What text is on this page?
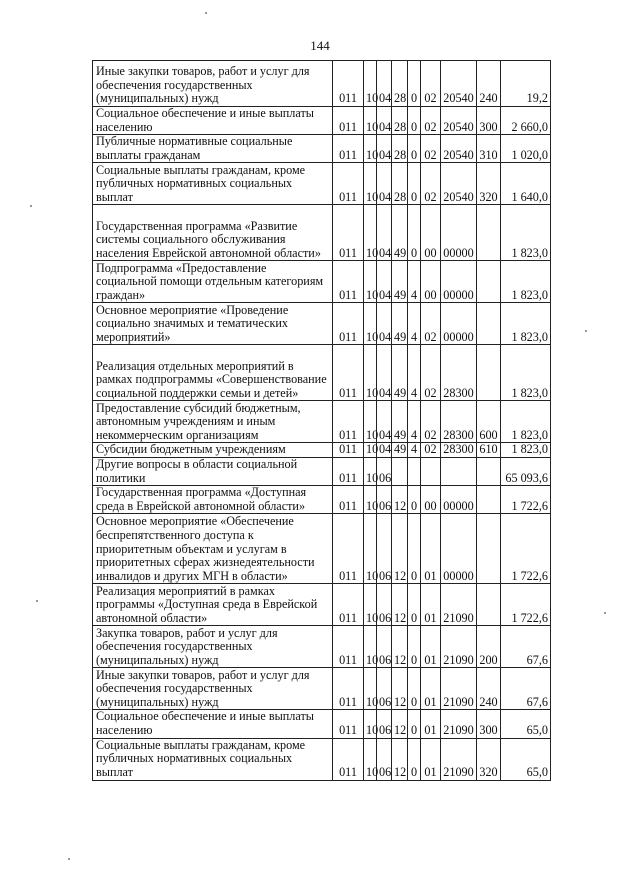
144
Иные закупки товаров, работ и услуг для обеспечения государственных (муниципальных) нужд	011	10	04	28	0	02	20540	240	19,2
Социальное обеспечение и иные выплаты населению	011	10	04	28	0	02	20540	300	2 660,0
Публичные нормативные социальные выплаты гражданам	011	10	04	28	0	02	20540	310	1 020,0
Социальные выплаты гражданам, кроме публичных нормативных социальных выплат	011	10	04	28	0	02	20540	320	1 640,0
Государственная программа «Развитие системы социального обслуживания населения Еврейской автономной области»	011	10	04	49	0	00	00000		1 823,0
Подпрограмма «Предоставление социальной помощи отдельным категориям граждан»	011	10	04	49	4	00	00000		1 823,0
Основное мероприятие «Проведение социально значимых и тематических мероприятий»	011	10	04	49	4	02	00000		1 823,0
Реализация отдельных мероприятий в рамках подпрограммы «Совершенствование социальной поддержки семьи и детей»	011	10	04	49	4	02	28300		1 823,0
Предоставление субсидий бюджетным, автономным учреждениям и иным некоммерческим организациям	011	10	04	49	4	02	28300	600	1 823,0
Субсидии бюджетным учреждениям	011	10	04	49	4	02	28300	610	1 823,0
Другие вопросы в области социальной политики	011	10	06						65 093,6
Государственная программа «Доступная среда в Еврейской автономной области»	011	10	06	12	0	00	00000		1 722,6
Основное мероприятие «Обеспечение беспрепятственного доступа к приоритетным объектам и услугам в приоритетных сферах жизнедеятельности инвалидов и других МГН в области»	011	10	06	12	0	01	00000		1 722,6
Реализация мероприятий в рамках программы «Доступная среда в Еврейской автономной области»	011	10	06	12	0	01	21090		1 722,6
Закупка товаров, работ и услуг для обеспечения государственных (муниципальных) нужд	011	10	06	12	0	01	21090	200	67,6
Иные закупки товаров, работ и услуг для обеспечения государственных (муниципальных) нужд	011	10	06	12	0	01	21090	240	67,6
Социальное обеспечение и иные выплаты населению	011	10	06	12	0	01	21090	300	65,0
Социальные выплаты гражданам, кроме публичных нормативных социальных выплат	011	10	06	12	0	01	21090	320	65,0
